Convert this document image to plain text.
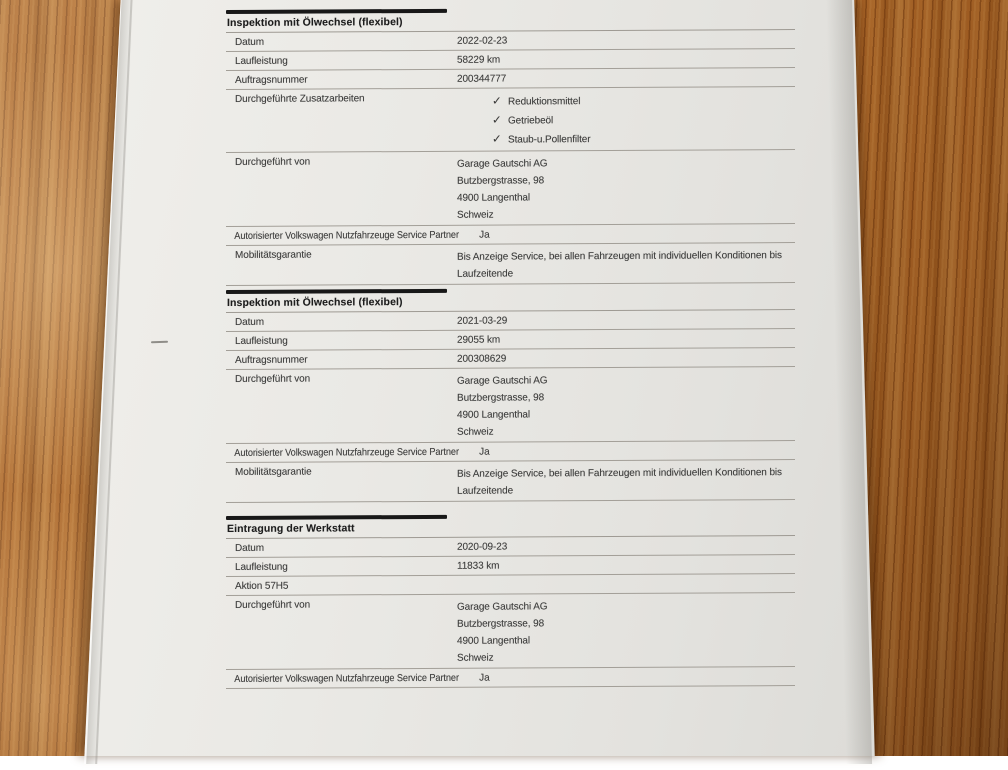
Inspektion mit Ölwechsel (flexibel)
Datum	2022-02-23
Laufleistung	58229 km
Auftragsnummer	200344777
Durchgeführte Zusatzarbeiten	✓ Reduktionsmittel
✓ Getriebeöl
✓ Staub-u.Pollenfilter
Durchgeführt von	Garage Gautschi AG
Butzbergstrasse, 98
4900 Langenthal
Schweiz
Autorisierter Volkswagen Nutzfahrzeuge Service Partner Ja
Mobilitätsgarantie	Bis Anzeige Service, bei allen Fahrzeugen mit individuellen Konditionen bis
Laufzeitende
Inspektion mit Ölwechsel (flexibel)
Datum	2021-03-29
Laufleistung	29055 km
Auftragsnummer	200308629
Durchgeführt von	Garage Gautschi AG
Butzbergstrasse, 98
4900 Langenthal
Schweiz
Autorisierter Volkswagen Nutzfahrzeuge Service Partner Ja
Mobilitätsgarantie	Bis Anzeige Service, bei allen Fahrzeugen mit individuellen Konditionen bis
Laufzeitende
Eintragung der Werkstatt
Datum	2020-09-23
Laufleistung	11833 km
Aktion 57H5
Durchgeführt von	Garage Gautschi AG
Butzbergstrasse, 98
4900 Langenthal
Schweiz
Autorisierter Volkswagen Nutzfahrzeuge Service Partner Ja
